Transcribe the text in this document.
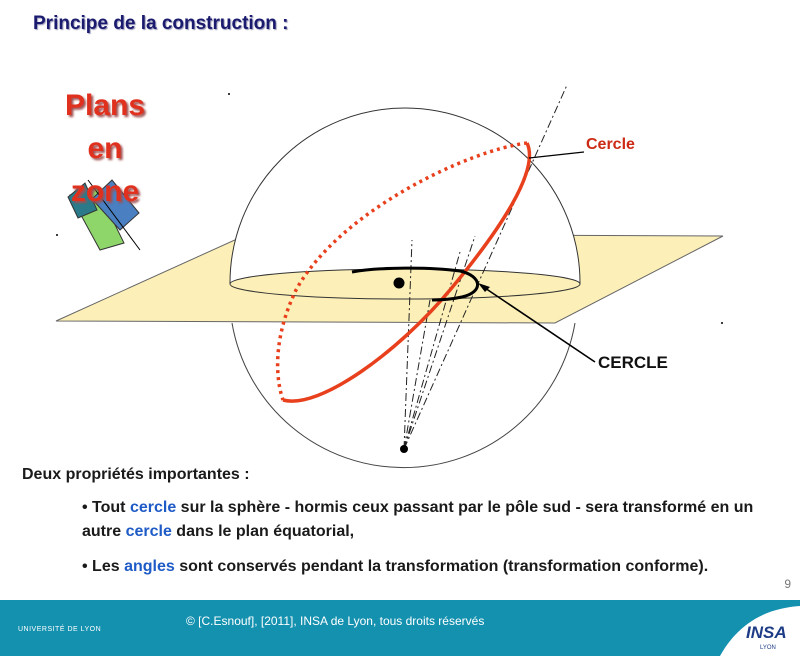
Principe de la construction :
Cercle
CERCLE
Plans
en
zone
Deux propriétés importantes :
• Tout cercle sur la sphère - hormis ceux passant par le pôle sud - sera transformé en un autre cercle dans le plan équatorial,
• Les angles sont conservés pendant la transformation (transformation conforme).
9
UNIVERSITÉ DE LYON
© [C.Esnouf], [2011], INSA de Lyon, tous droits réservés
INSA
LYON
